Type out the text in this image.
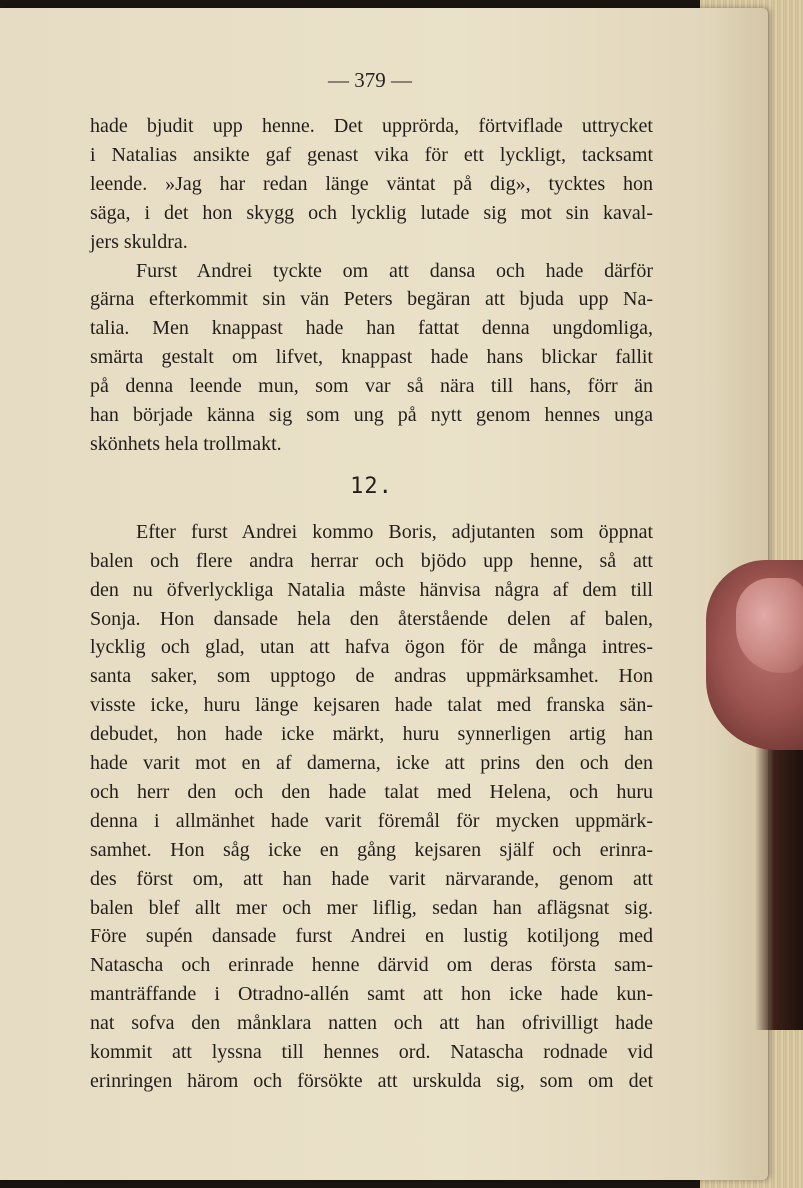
— 379 —
hade bjudit upp henne. Det upprörda, förtviflade uttrycket
i Natalias ansikte gaf genast vika för ett lyckligt, tacksamt
leende. »Jag har redan länge väntat på dig», tycktes hon
säga, i det hon skygg och lycklig lutade sig mot sin kaval-
jers skuldra.
Furst Andrei tyckte om att dansa och hade därför
gärna efterkommit sin vän Peters begäran att bjuda upp Na-
talia. Men knappast hade han fattat denna ungdomliga,
smärta gestalt om lifvet, knappast hade hans blickar fallit
på denna leende mun, som var så nära till hans, förr än
han började känna sig som ung på nytt genom hennes unga
skönhets hela trollmakt.
12.
Efter furst Andrei kommo Boris, adjutanten som öppnat
balen och flere andra herrar och bjödo upp henne, så att
den nu öfverlyckliga Natalia måste hänvisa några af dem till
Sonja. Hon dansade hela den återstående delen af balen,
lycklig och glad, utan att hafva ögon för de många intres-
santa saker, som upptogo de andras uppmärksamhet. Hon
visste icke, huru länge kejsaren hade talat med franska sän-
debudet, hon hade icke märkt, huru synnerligen artig han
hade varit mot en af damerna, icke att prins den och den
och herr den och den hade talat med Helena, och huru
denna i allmänhet hade varit föremål för mycken uppmärk-
samhet. Hon såg icke en gång kejsaren själf och erinra-
des först om, att han hade varit närvarande, genom att
balen blef allt mer och mer liflig, sedan han aflägsnat sig.
Före supén dansade furst Andrei en lustig kotiljong med
Natascha och erinrade henne därvid om deras första sam-
manträffande i Otradno-allén samt att hon icke hade kun-
nat sofva den månklara natten och att han ofrivilligt hade
kommit att lyssna till hennes ord. Natascha rodnade vid
erinringen härom och försökte att urskulda sig, som om det
